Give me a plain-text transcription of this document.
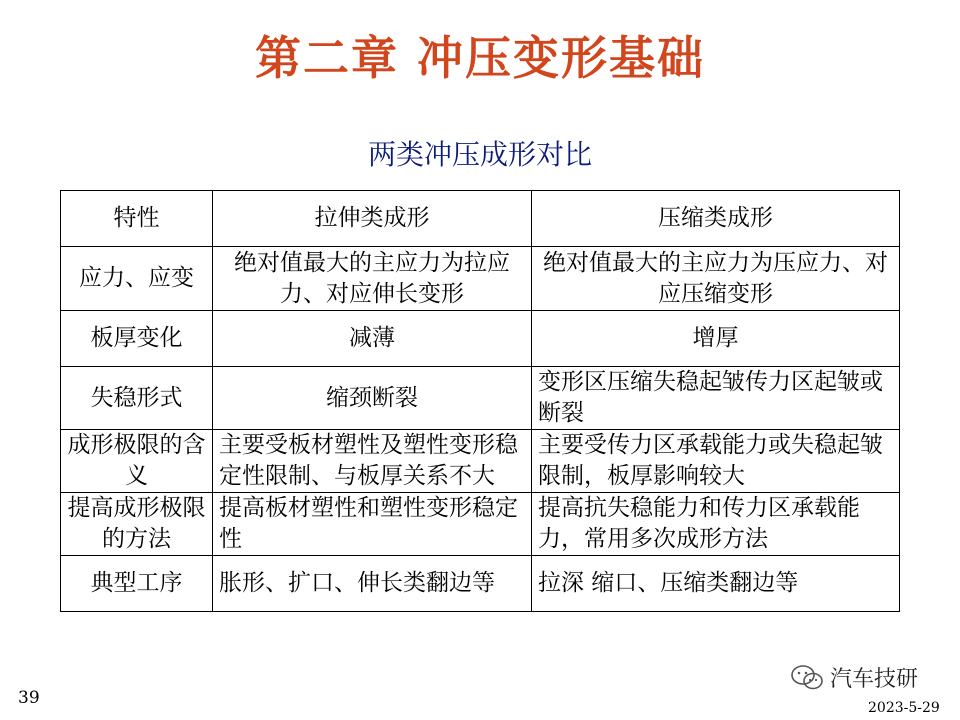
第二章 冲压变形基础
两类冲压成形对比
特性	拉伸类成形	压缩类成形
应力、应变	绝对值最大的主应力为拉应力、对应伸长变形	绝对值最大的主应力为压应力、对应压缩变形
板厚变化	减薄	增厚
失稳形式	缩颈断裂	变形区压缩失稳起皱传力区起皱或断裂
成形极限的含义	主要受板材塑性及塑性变形稳定性限制、与板厚关系不大	主要受传力区承载能力或失稳起皱限制，板厚影响较大
提高成形极限的方法	提高板材塑性和塑性变形稳定性	提高抗失稳能力和传力区承载能力，常用多次成形方法
典型工序	胀形、扩口、伸长类翻边等	拉深 缩口、压缩类翻边等
39
汽车技研
2023-5-29
